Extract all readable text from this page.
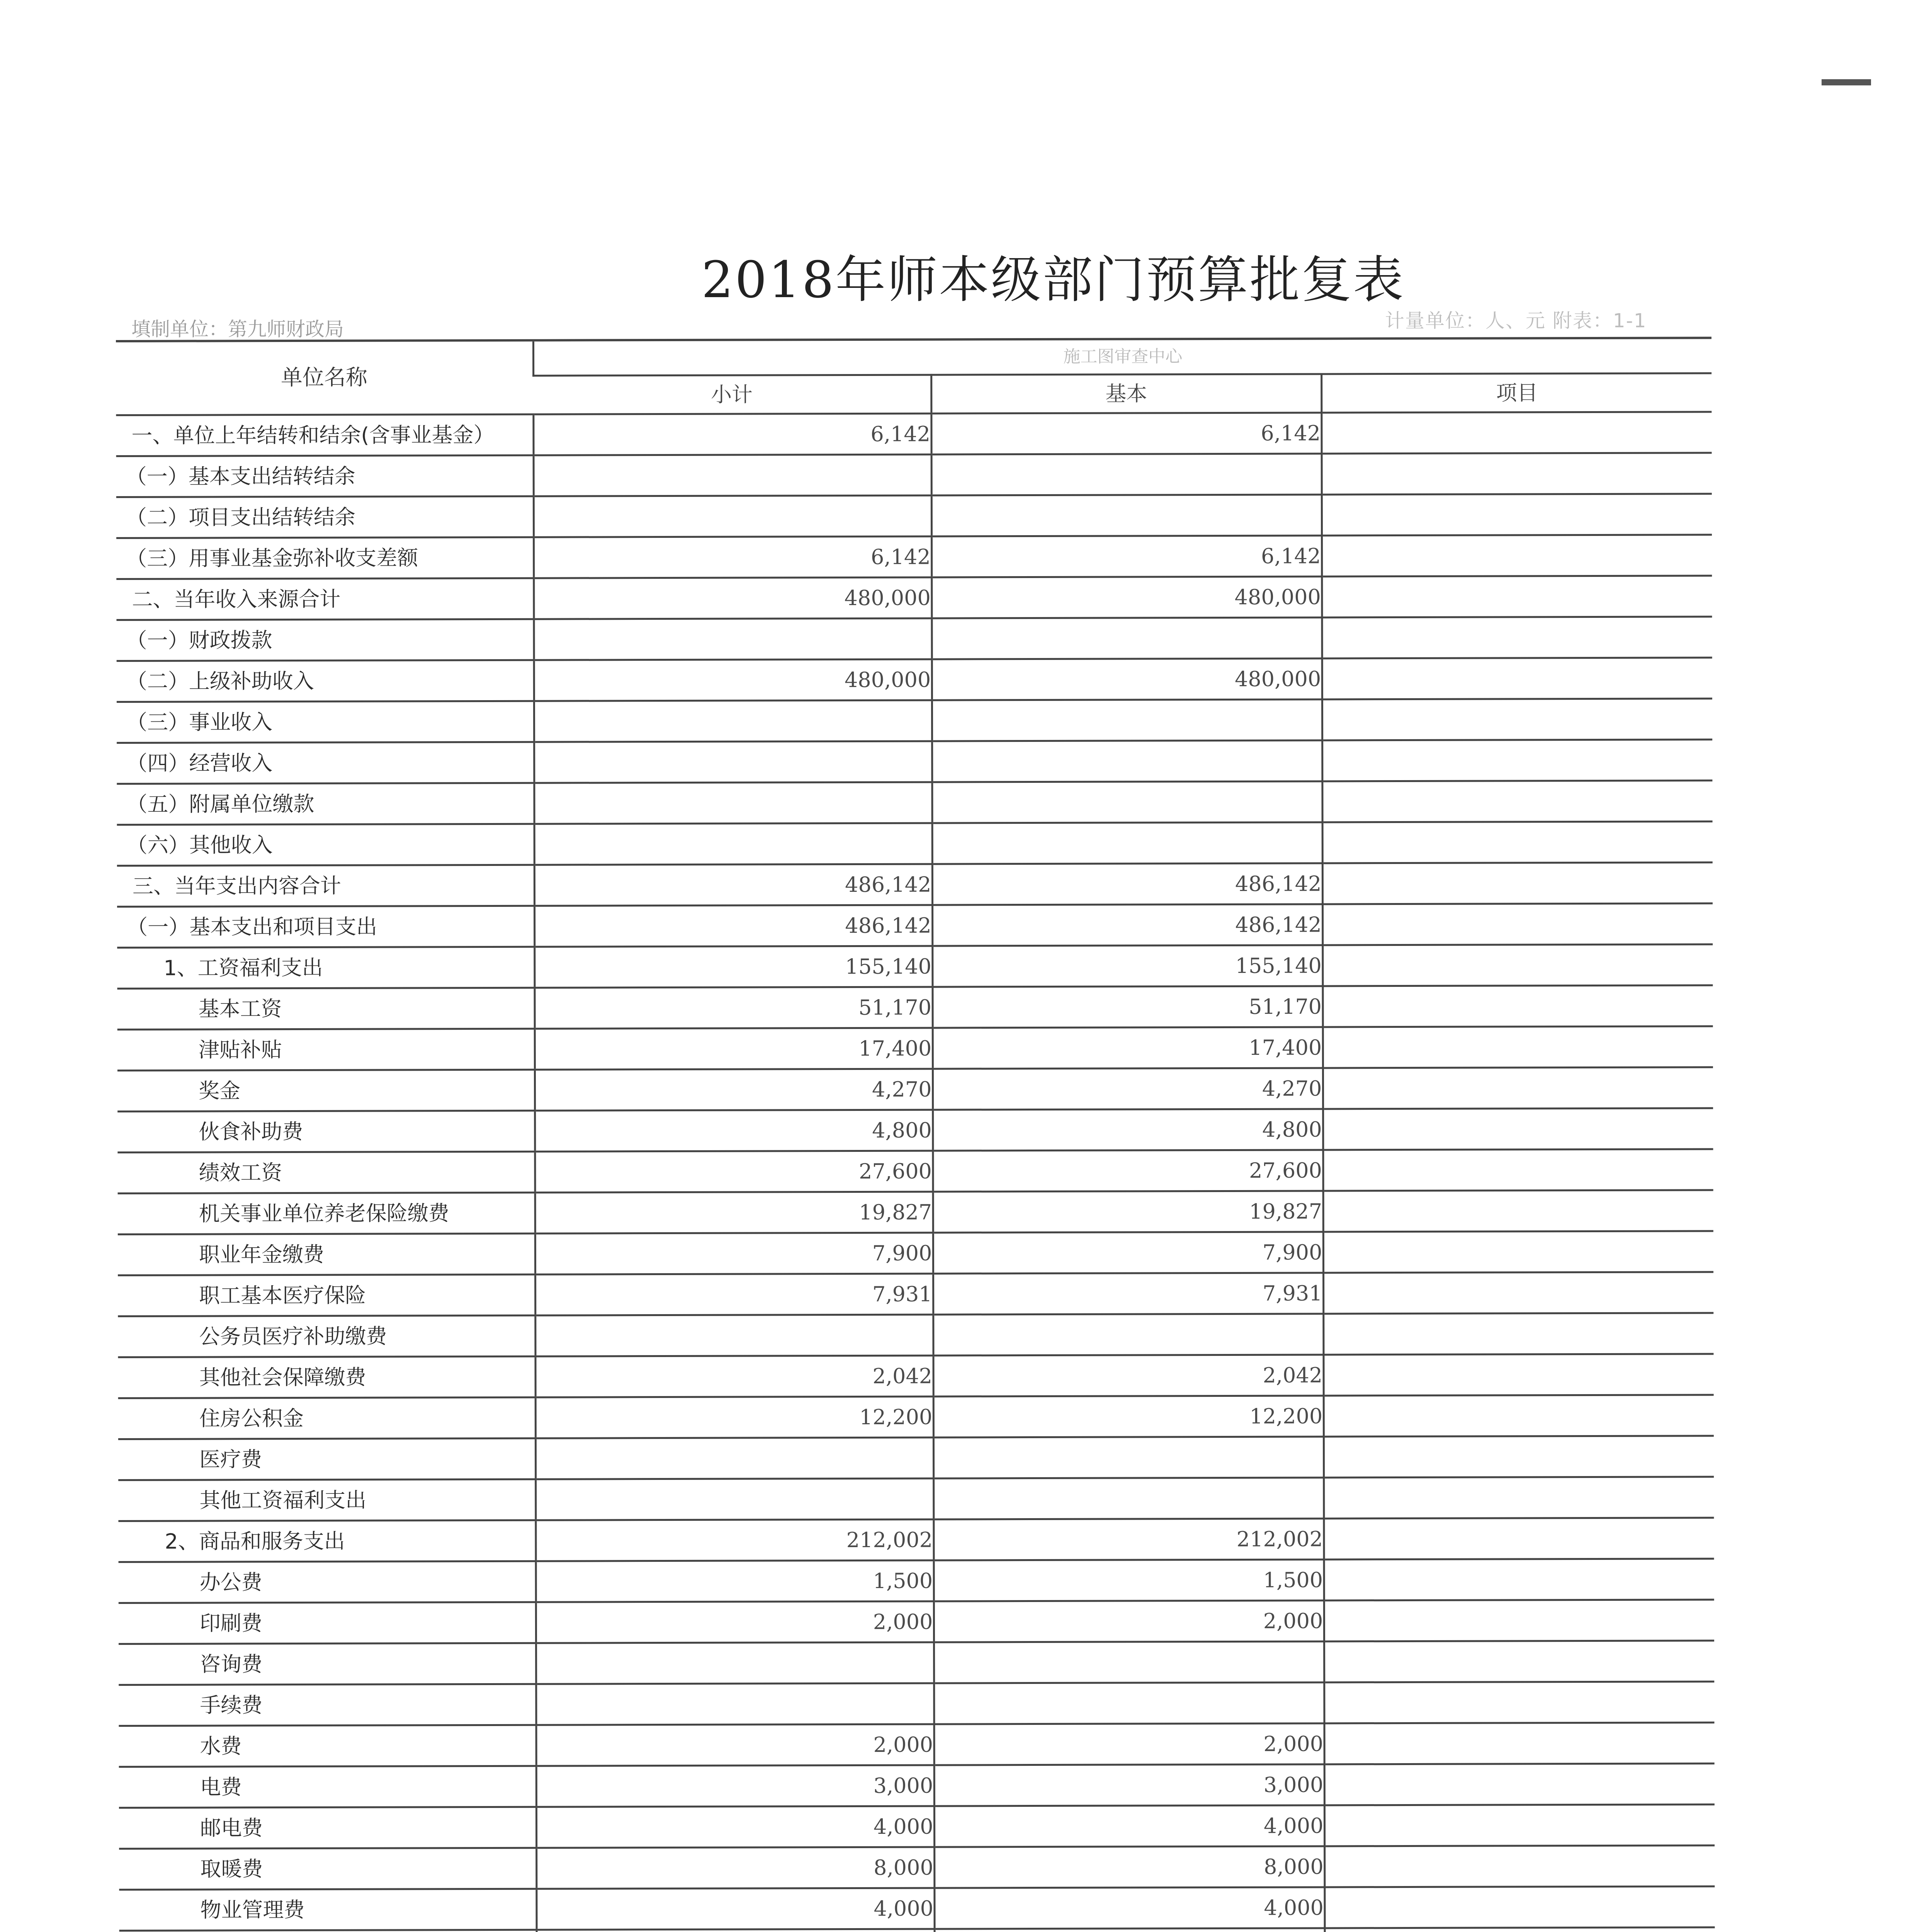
2018年师本级部门预算批复表
填制单位：第九师财政局	计量单位：人、元 附表：1-1
单位名称	施工图审查中心		
	小计	基本	项目
一、单位上年结转和结余(含事业基金）	6,142	6,142	
（一）基本支出结转结余			
（二）项目支出结转结余			
（三）用事业基金弥补收支差额	6,142	6,142	
二、当年收入来源合计	480,000	480,000	
（一）财政拨款			
（二）上级补助收入	480,000	480,000	
（三）事业收入			
（四）经营收入			
（五）附属单位缴款			
（六）其他收入			
三、当年支出内容合计	486,142	486,142	
（一）基本支出和项目支出	486,142	486,142	
1、工资福利支出	155,140	155,140	
基本工资	51,170	51,170	
津贴补贴	17,400	17,400	
奖金	4,270	4,270	
伙食补助费	4,800	4,800	
绩效工资	27,600	27,600	
机关事业单位养老保险缴费	19,827	19,827	
职业年金缴费	7,900	7,900	
职工基本医疗保险	7,931	7,931	
公务员医疗补助缴费			
其他社会保障缴费	2,042	2,042	
住房公积金	12,200	12,200	
医疗费			
其他工资福利支出			
2、商品和服务支出	212,002	212,002	
办公费	1,500	1,500	
印刷费	2,000	2,000	
咨询费			
手续费			
水费	2,000	2,000	
电费	3,000	3,000	
邮电费	4,000	4,000	
取暖费	8,000	8,000	
物业管理费	4,000	4,000	
